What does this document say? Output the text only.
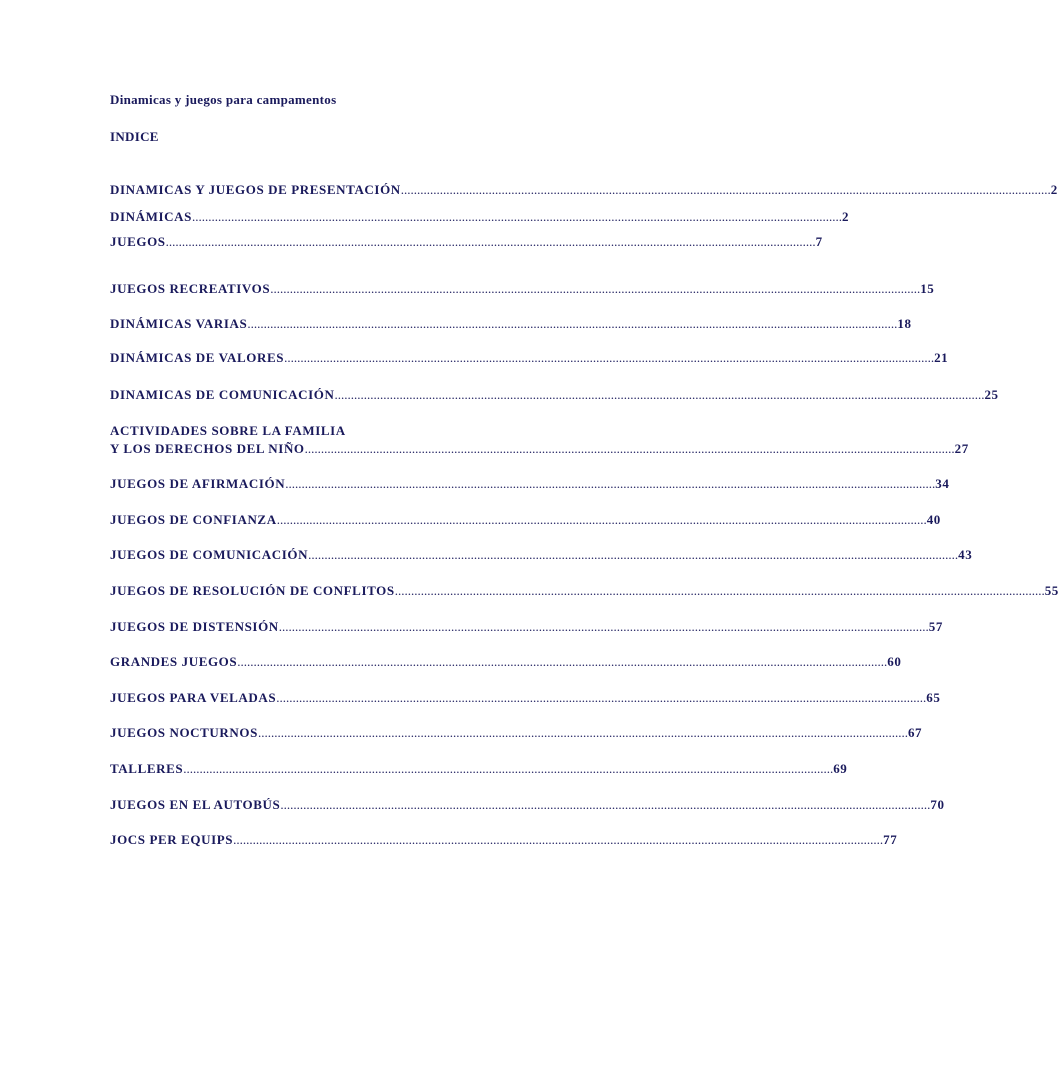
Dinamicas y juegos para campamentos
INDICE
DINAMICAS Y JUEGOS DE PRESENTACIÓN ........................................................................................................................................................................................................ 2
DINÁMICAS ........................................................................................................................................................................................................ 2
JUEGOS ........................................................................................................................................................................................................ 7
JUEGOS RECREATIVOS ........................................................................................................................................................................................................ 15
DINÁMICAS VARIAS ........................................................................................................................................................................................................ 18
DINÁMICAS DE VALORES ........................................................................................................................................................................................................ 21
DINAMICAS DE COMUNICACIÓN ........................................................................................................................................................................................................ 25
ACTIVIDADES SOBRE LA FAMILIA
Y LOS DERECHOS DEL NIÑO ........................................................................................................................................................................................................ 27
JUEGOS DE AFIRMACIÓN ........................................................................................................................................................................................................ 34
JUEGOS DE CONFIANZA ........................................................................................................................................................................................................ 40
JUEGOS DE COMUNICACIÓN ........................................................................................................................................................................................................ 43
JUEGOS DE RESOLUCIÓN DE CONFLITOS ........................................................................................................................................................................................................ 55
JUEGOS DE DISTENSIÓN ........................................................................................................................................................................................................ 57
GRANDES JUEGOS ........................................................................................................................................................................................................ 60
JUEGOS PARA VELADAS ........................................................................................................................................................................................................ 65
JUEGOS NOCTURNOS ........................................................................................................................................................................................................ 67
TALLERES ........................................................................................................................................................................................................ 69
JUEGOS EN EL AUTOBÚS ........................................................................................................................................................................................................ 70
JOCS PER EQUIPS ........................................................................................................................................................................................................ 77
